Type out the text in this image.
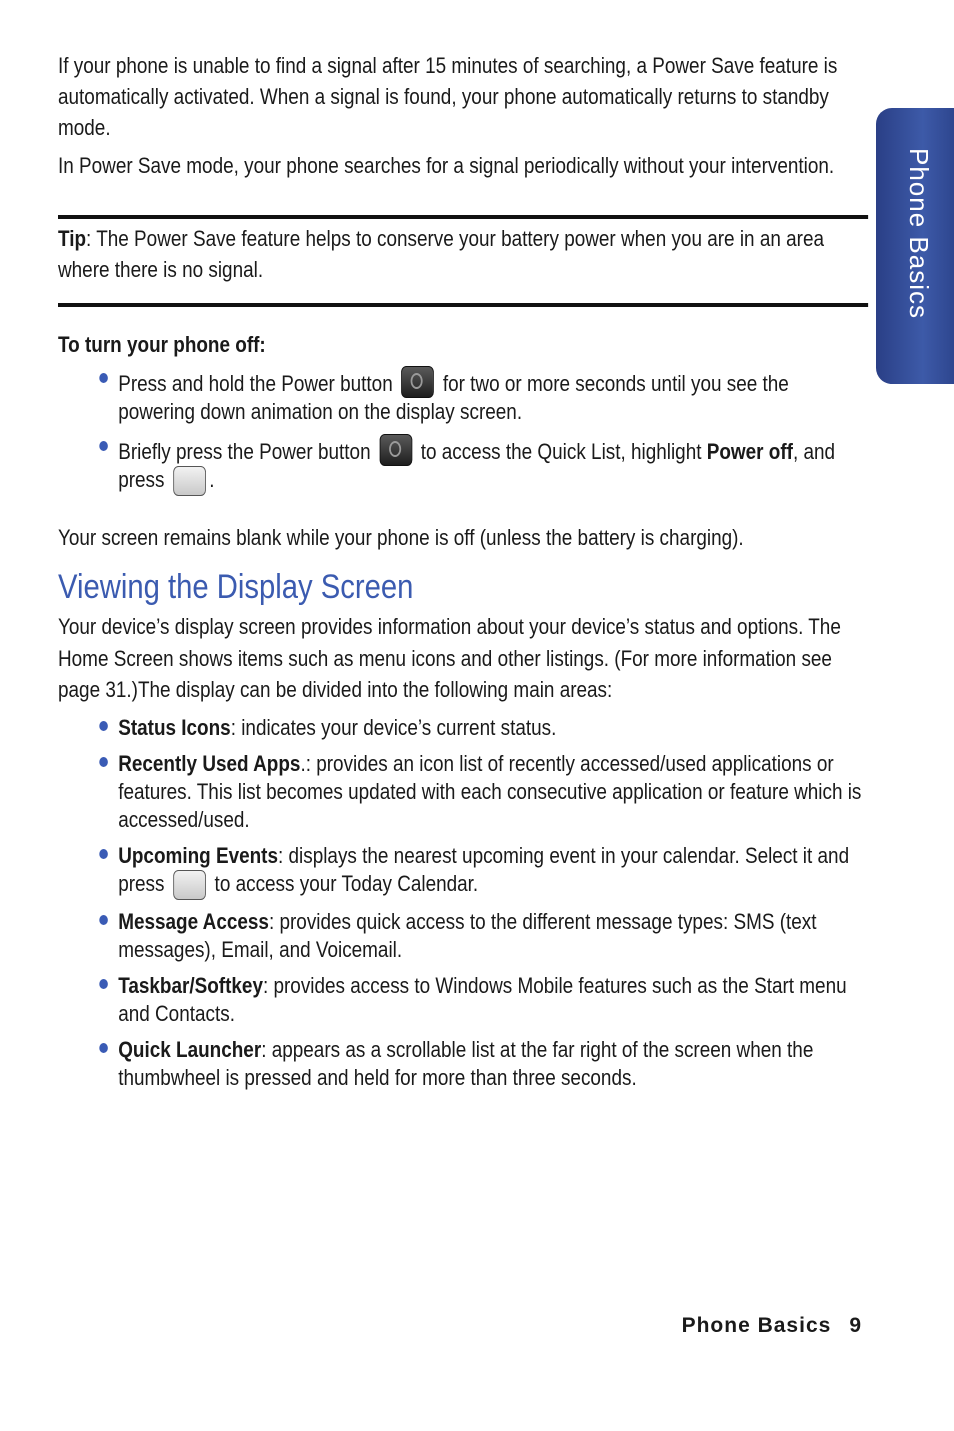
Phone Basics

If your phone is unable to find a signal after 15 minutes of searching, a Power Save feature is automatically activated. When a signal is found, your phone automatically returns to standby mode.

In Power Save mode, your phone searches for a signal periodically without your intervention.

Tip: The Power Save feature helps to conserve your battery power when you are in an area where there is no signal.

To turn your phone off:

Press and hold the Power button for two or more seconds until you see the powering down animation on the display screen.
Briefly press the Power button to access the Quick List, highlight Power off, and press .

Your screen remains blank while your phone is off (unless the battery is charging).

Viewing the Display Screen

Your device’s display screen provides information about your device’s status and options. The Home Screen shows items such as menu icons and other listings. (For more information see page 31.)The display can be divided into the following main areas:

Status Icons: indicates your device’s current status.
Recently Used Apps.: provides an icon list of recently accessed/used applications or features. This list becomes updated with each consecutive application or feature which is accessed/used.
Upcoming Events: displays the nearest upcoming event in your calendar. Select it and press to access your Today Calendar.
Message Access: provides quick access to the different message types: SMS (text messages), Email, and Voicemail.
Taskbar/Softkey: provides access to Windows Mobile features such as the Start menu and Contacts.
Quick Launcher: appears as a scrollable list at the far right of the screen when the thumbwheel is pressed and held for more than three seconds.
Phone Basics 9
